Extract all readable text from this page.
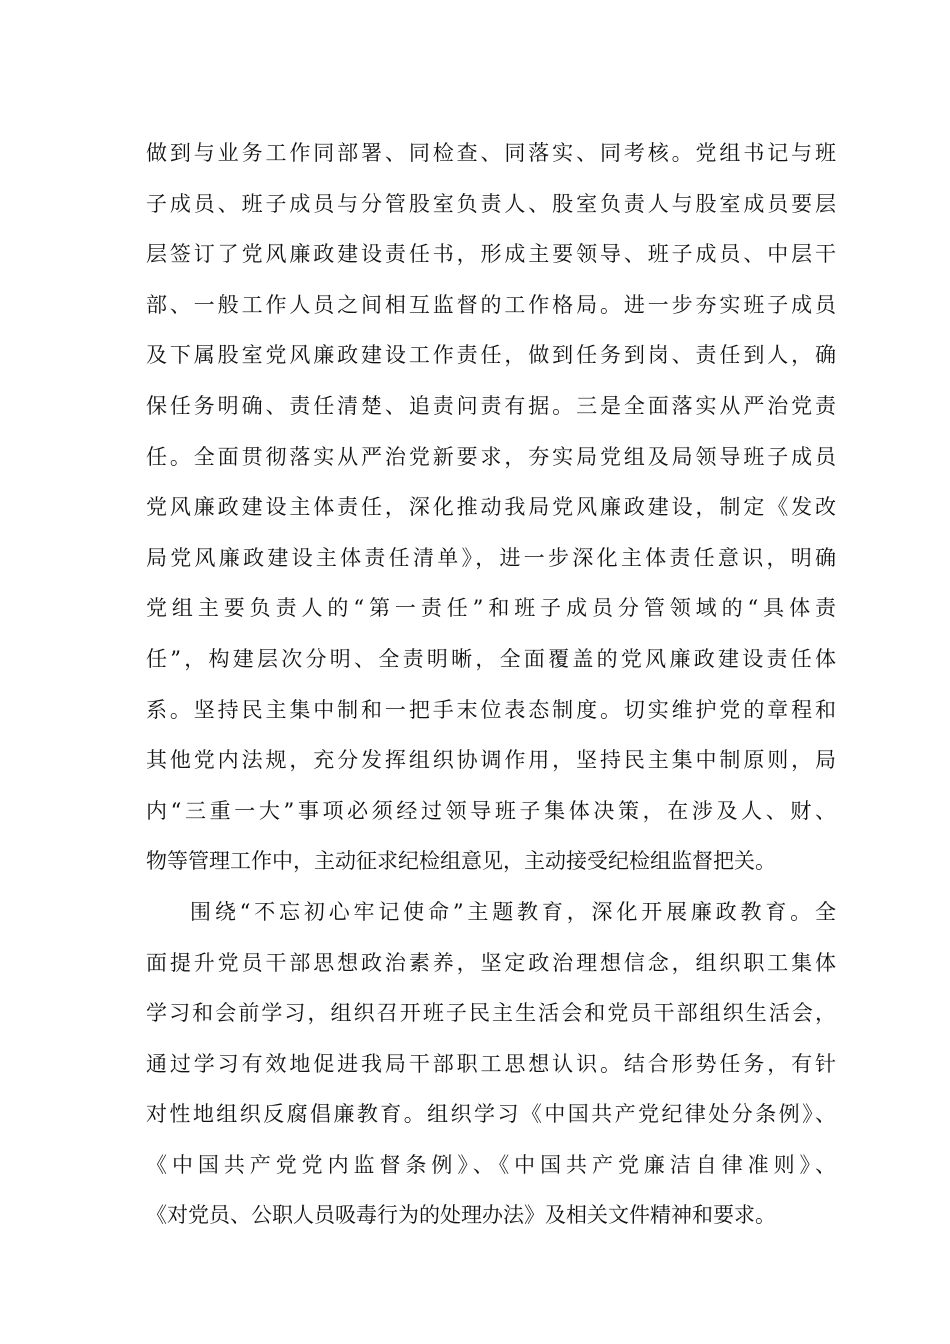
做到与业务工作同部署、同检查、同落实、同考核。党组书记与班
子成员、班子成员与分管股室负责人、股室负责人与股室成员要层
层签订了党风廉政建设责任书，形成主要领导、班子成员、中层干
部、一般工作人员之间相互监督的工作格局。进一步夯实班子成员
及下属股室党风廉政建设工作责任，做到任务到岗、责任到人，确
保任务明确、责任清楚、追责问责有据。三是全面落实从严治党责
任。全面贯彻落实从严治党新要求，夯实局党组及局领导班子成员
党风廉政建设主体责任，深化推动我局党风廉政建设，制定《发改
局党风廉政建设主体责任清单》，进一步深化主体责任意识，明确
党组主要负责人的“第一责任”和班子成员分管领域的“具体责
任”，构建层次分明、全责明晰，全面覆盖的党风廉政建设责任体
系。坚持民主集中制和一把手末位表态制度。切实维护党的章程和
其他党内法规，充分发挥组织协调作用，坚持民主集中制原则，局
内“三重一大”事项必须经过领导班子集体决策，在涉及人、财、
物等管理工作中，主动征求纪检组意见，主动接受纪检组监督把关。
围绕“不忘初心牢记使命”主题教育，深化开展廉政教育。全
面提升党员干部思想政治素养，坚定政治理想信念，组织职工集体
学习和会前学习，组织召开班子民主生活会和党员干部组织生活会，
通过学习有效地促进我局干部职工思想认识。结合形势任务，有针
对性地组织反腐倡廉教育。组织学习《中国共产党纪律处分条例》、
《中国共产党党内监督条例》、《中国共产党廉洁自律准则》、
《对党员、公职人员吸毒行为的处理办法》及相关文件精神和要求。
